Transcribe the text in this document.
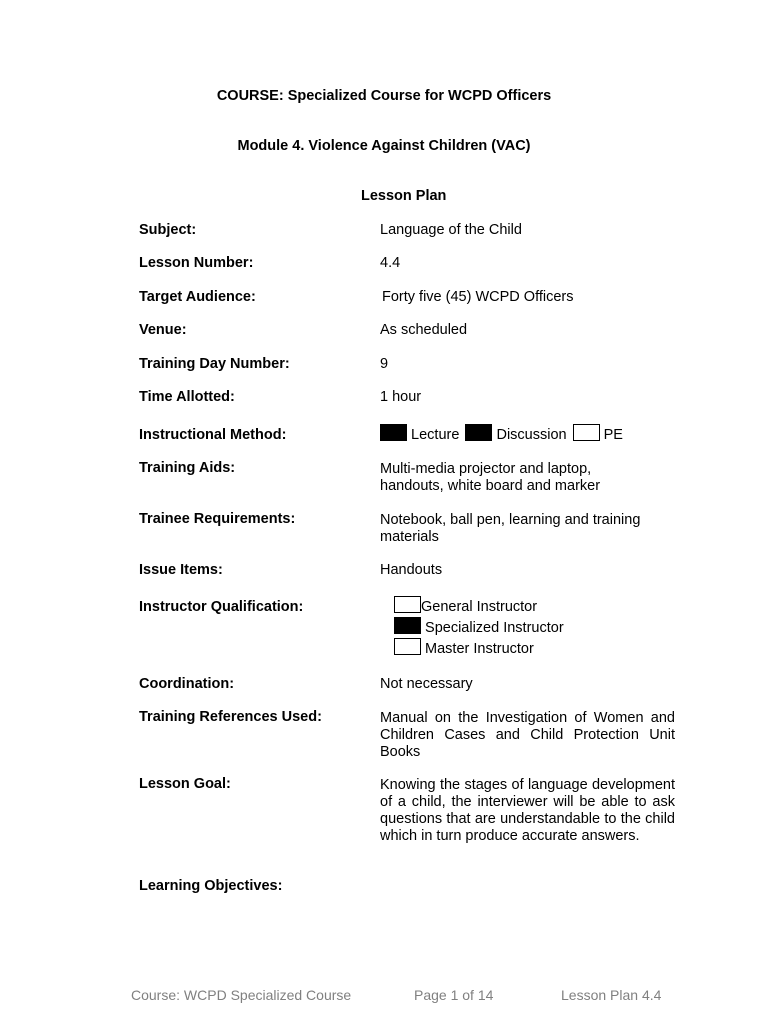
COURSE: Specialized Course for WCPD Officers
Module 4. Violence Against Children (VAC)
Lesson Plan
Subject:	Language of the Child
Lesson Number:	4.4
Target Audience:	Forty five (45) WCPD Officers
Venue:	As scheduled
Training Day Number:	9
Time Allotted:	1 hour
Instructional Method:	Lecture	Discussion	PE
Training Aids:	Multi-media projector and laptop, handouts, white board and marker
Trainee Requirements:	Notebook, ball pen, learning and training materials
Issue Items:	Handouts
Instructor Qualification:	General Instructor
Specialized Instructor
Master Instructor
Coordination:	Not necessary
Training References Used:	Manual on the Investigation of Women and Children Cases and Child Protection Unit Books
Lesson Goal:	Knowing the stages of language development of a child, the interviewer will be able to ask questions that are understandable to the child which in turn produce accurate answers.
Learning Objectives:
Course: WCPD Specialized Course	Page 1 of 14	Lesson Plan 4.4
